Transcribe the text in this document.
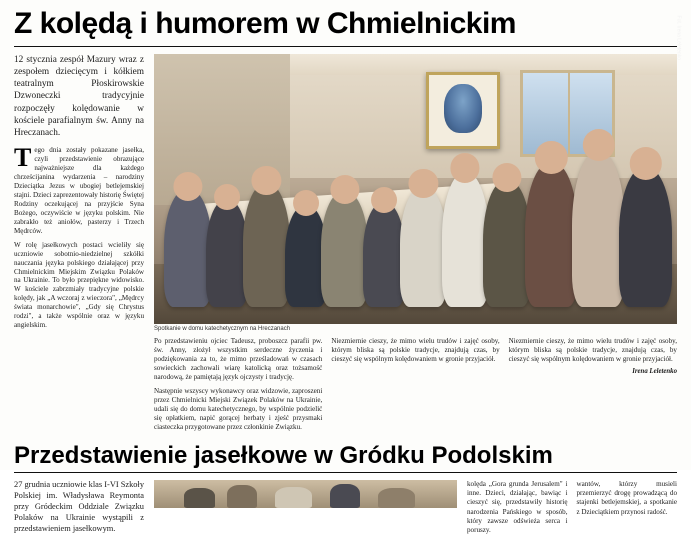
Z kolędą i humorem w Chmielnickim

12 stycznia zespół Mazury wraz z zespołem dziecięcym i kółkiem teatralnym Płoskirowskie Dzwoneczki tradycyjnie rozpoczęły kolędowanie w kościele parafialnym św. Anny na Hreczanach.

Tego dnia zostały pokazane jasełka, czyli przedstawienie obrazujące najważniejsze dla każdego chrześcijanina wydarzenia – narodziny Dzieciątka Jezus w ubogiej betlejemskiej stajni. Dzieci zaprezentowały historię Świętej Rodziny oczekującej na przyjście Syna Bożego, oczywiście w języku polskim. Nie zabrakło też aniołów, pasterzy i Trzech Mędrców.

W rolę jasełkowych postaci wcieliły się uczniowie sobotnio-niedzielnej szkółki nauczania języka polskiego działającej przy Chmielnickim Miejskim Związku Polaków na Ukrainie. To było przepiękne widowisko. W kościele zabrzmiały tradycyjne polskie kolędy, jak „A wczoraj z wieczora", „Mędrcy świata monarchowie", „Gdy się Chrystus rodzi", a także wspólnie oraz w języku angielskim.

Fot. Irena Leletenko
Spotkanie w domu katechetycznym na Hreczanach

Po przedstawieniu ojciec Tadeusz, proboszcz parafii pw. św. Anny, złożył wszystkim serdeczne życzenia i podziękowania za to, że mimo prześladowań w czasach sowieckich zachowali wiarę katolicką oraz tożsamość narodową, że pamiętają język ojczysty i tradycję.

Następnie wszyscy wykonawcy oraz widzowie, zaproszeni przez Chmielnicki Miejski Związek Polaków na Ukrainie, udali się do domu katechetycznego, by wspólnie podzielić się opłatkiem, napić gorącej herbaty i zjeść przysmaki ciasteczka przygotowane przez członkinie Związku.

Niezmiernie cieszy, że mimo wielu trudów i zajęć osoby, którym bliska są polskie tradycje, znajdują czas, by cieszyć się wspólnym kolędowaniem w gronie przyjaciół.

Niezmiernie cieszy, że mimo wielu trudów i zajęć osoby, którym bliska są polskie tradycje, znajdują czas, by cieszyć się wspólnym kolędowaniem w gronie przyjaciół.

Irena Leletenko
Przedstawienie jasełkowe w Gródku Podolskim

27 grudnia uczniowie klas I-VI Szkoły Polskiej im. Władysława Reymonta przy Gródeckim Oddziale Związku Polaków na Ukrainie wystąpili z przedstawieniem jasełkowym.

kolęda „Gora grunda Jerusalem" i inne. Dzieci, działając, bawiąc i cieszyć się, przedstawiły historię narodzenia Pańskiego w sposób, który zawsze odświeża serca i poruszy.

wantów, którzy musieli przemierzyć drogę prowadzącą do stajenki betlejemskiej, a spotkanie z Dzieciątkiem przynosi radość.
